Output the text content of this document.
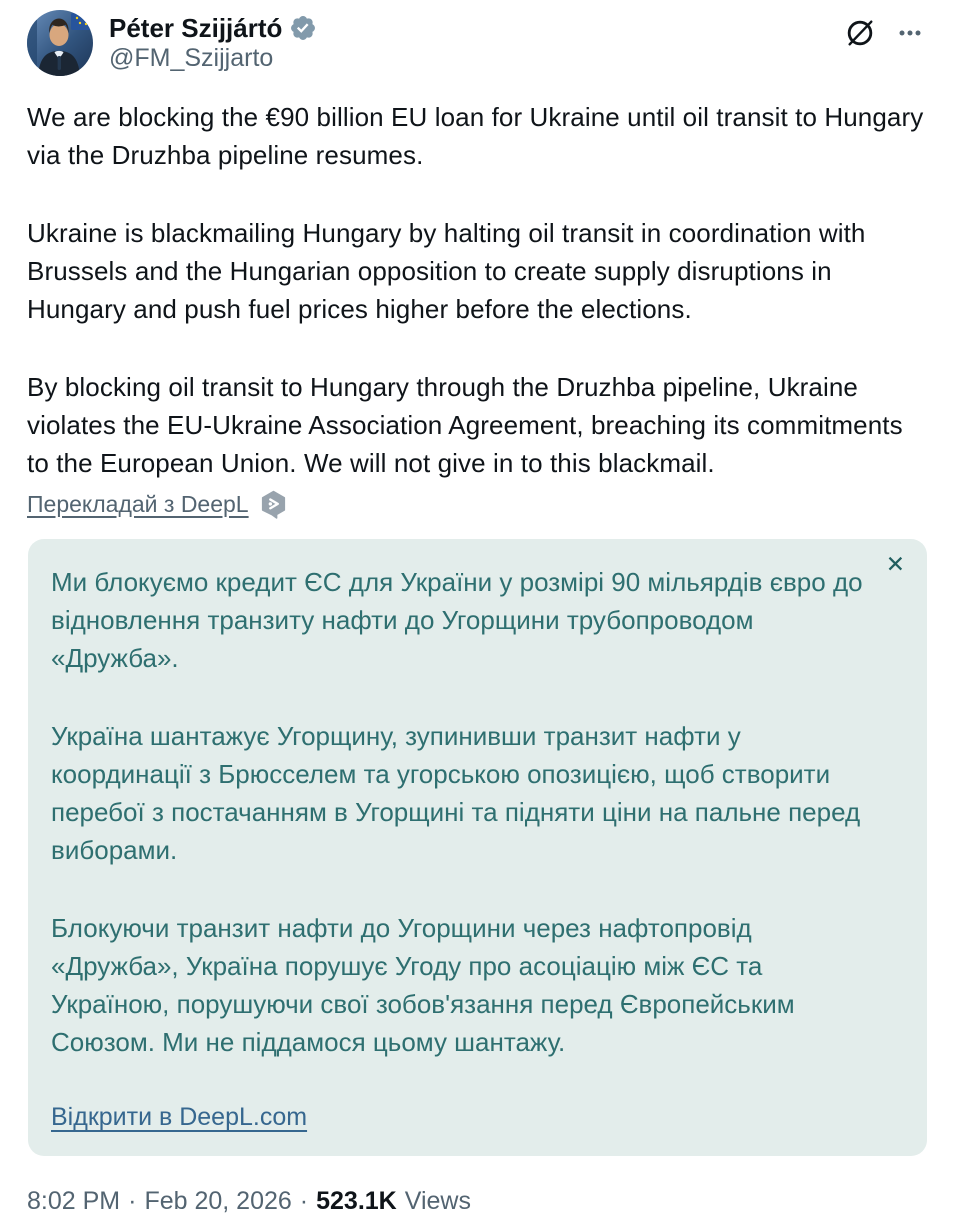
Péter Szijjártó
@FM_Szijjarto

We are blocking the €90 billion EU loan for Ukraine until oil transit to Hungary via the Druzhba pipeline resumes.

Ukraine is blackmailing Hungary by halting oil transit in coordination with Brussels and the Hungarian opposition to create supply disruptions in Hungary and push fuel prices higher before the elections.

By blocking oil transit to Hungary through the Druzhba pipeline, Ukraine violates the EU-Ukraine Association Agreement, breaching its commitments to the European Union. We will not give in to this blackmail.

Перекладай з DeepL
✕

Ми блокуємо кредит ЄС для України у розмірі 90 мільярдів євро до відновлення транзиту нафти до Угорщини трубопроводом «Дружба».

Україна шантажує Угорщину, зупинивши транзит нафти у координації з Брюсселем та угорською опозицією, щоб створити перебої з постачанням в Угорщині та підняти ціни на пальне перед виборами.

Блокуючи транзит нафти до Угорщини через нафтопровід «Дружба», Україна порушує Угоду про асоціацію між ЄС та Україною, порушуючи свої зобов'язання перед Європейським Союзом. Ми не піддамося цьому шантажу.

Відкрити в DeepL.com
8:02 PM · Feb 20, 2026 · 523.1K Views
